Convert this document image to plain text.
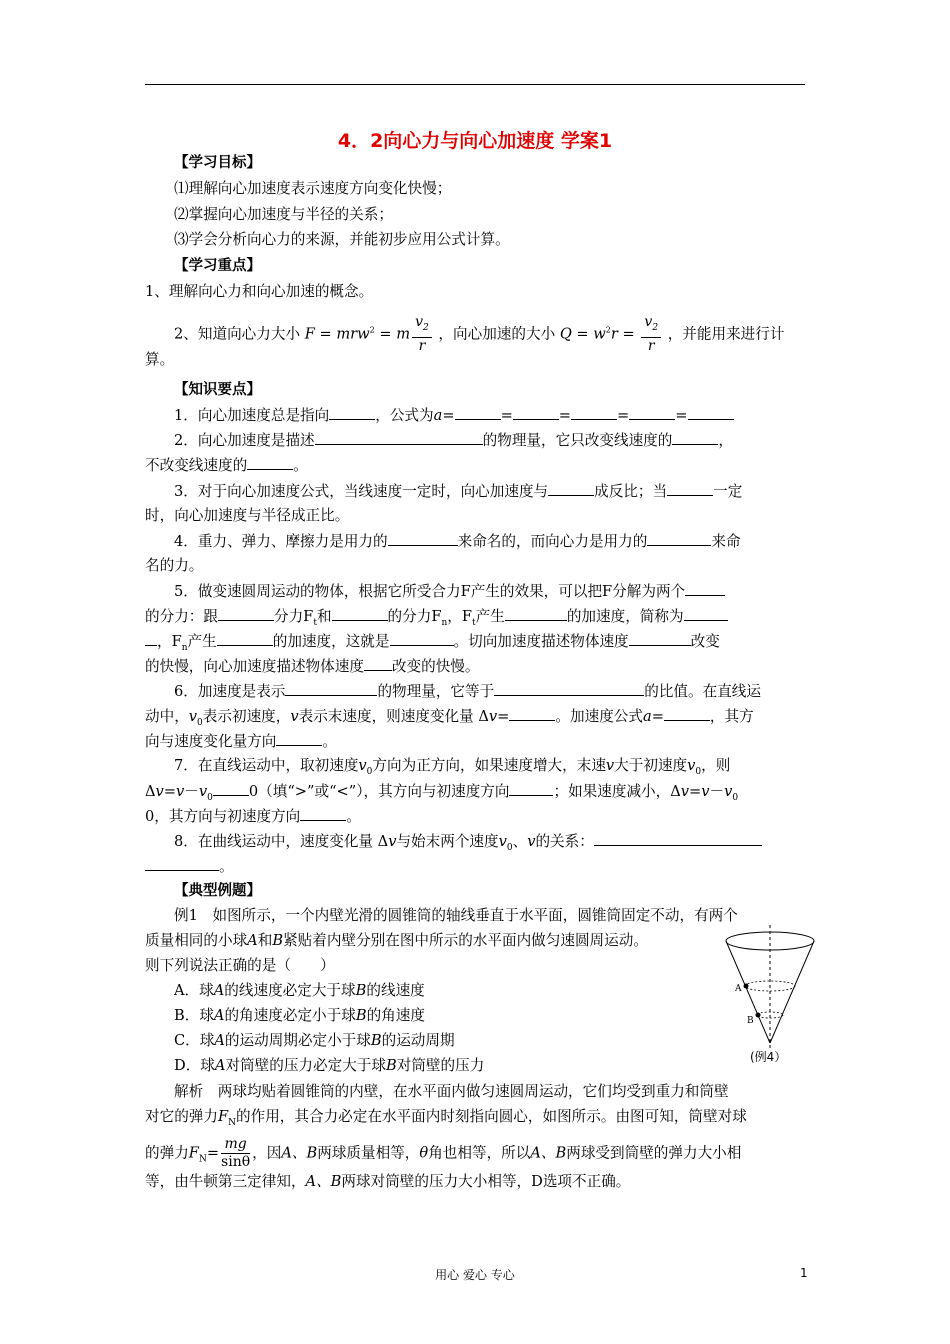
4．2向心力与向心加速度 学案1
【学习目标】
⑴理解向心加速度表示速度方向变化快慢；
⑵掌握向心加速度与半径的关系；
⑶学会分析向心力的来源，并能初步应用公式计算。
【学习重点】
1、理解向心力和向心加速的概念。
2、知道向心力大小 F = mrw$^2$ = m $\frac{v_2}{r}$ ，向心加速的大小 $Q = w^2r = \frac{v_2}{r}$ ，并能用来进行计
算。
【知识要点】
1．向心加速度总是指向	，公式为a=	=	=	=	=
2．向心加速度是描述	的物理量，它只改变线速度的	，
不改变线速度的	。
3．对于向心加速度公式，当线速度一定时，向心加速度与	成反比；当	一定
时，向心加速度与半径成正比。
4．重力、弹力、摩擦力是用力的	来命名的，而向心力是用力的	来命
名的力。
5．做变速圆周运动的物体，根据它所受合力F产生的效果，可以把F分解为两个
的分力：跟	分力$F_t$和	的分力$F_n$，$F_t$产生	的加速度，简称为
，$F_n$产生	的加速度，这就是	。切向加速度描述物体速度	改变
的快慢，向心加速度描述物体速度 改变的快慢。
6．加速度是表示	的物理量，它等于	的比值。在直线运
动中，$v_0$表示初速度，v表示末速度，则速度变化量 Δv=	。加速度公式a=	，其方
向与速度变化量方向	。
7．在直线运动中，取初速度$v_0$方向为正方向，如果速度增大，末速v大于初速度$v_0$，则
$\Delta v=v-v_0$ 0（填“>”或“<”），其方向与初速度方向	；如果速度减小，$\Delta v=v-v_0$
0，其方向与初速度方向	。
8．在曲线运动中，速度变化量 Δv与始末两个速度$v_0$、v的关系：
。
【典型例题】
例1　如图所示，一个内壁光滑的圆锥筒的轴线垂直于水平面，圆锥筒固定不动，有两个
质量相同的小球A和B紧贴着内壁分别在图中所示的水平面内做匀速圆周运动。
则下列说法正确的是（　　）
A．球A的线速度必定大于球B的线速度
B．球A的角速度必定小于球B的角速度
C．球A的运动周期必定小于球B的运动周期
D．球A对筒壁的压力必定大于球B对筒壁的压力
A
B
(例4）
解析　两球均贴着圆锥筒的内壁，在水平面内做匀速圆周运动，它们均受到重力和筒壁
对它的弹力$F_N$的作用，其合力必定在水平面内时刻指向圆心，如图所示。由图可知，筒壁对球
的弹力$F_N= \frac{mg}{\sin\theta}$ ，因A、B两球质量相等，θ角也相等，所以A、B两球受到筒壁的弹力大小相
等，由牛顿第三定律知，A、B两球对筒壁的压力大小相等，D选项不正确。
用心 爱心 专心	1
